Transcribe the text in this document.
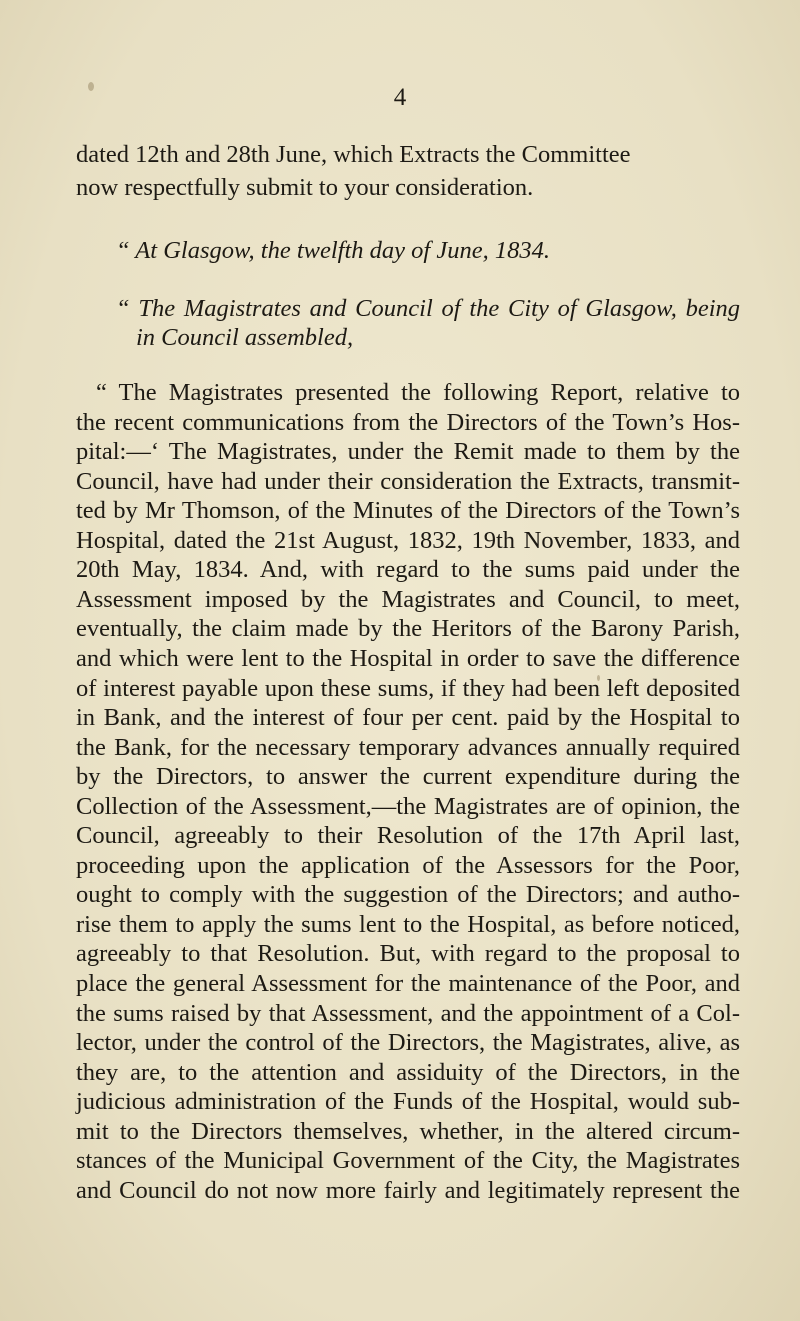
4
dated 12th and 28th June, which Extracts the Committee
now respectfully submit to your consideration.
“ At Glasgow, the twelfth day of June, 1834.
“ The Magistrates and Council of the City of Glasgow, being
in Council assembled,
“ The Magistrates presented the following Report, relative to
the recent communications from the Directors of the Town’s Hos-
pital:—‘ The Magistrates, under the Remit made to them by the
Council, have had under their consideration the Extracts, transmit-
ted by Mr Thomson, of the Minutes of the Directors of the Town’s
Hospital, dated the 21st August, 1832, 19th November, 1833, and
20th May, 1834. And, with regard to the sums paid under the
Assessment imposed by the Magistrates and Council, to meet,
eventually, the claim made by the Heritors of the Barony Parish,
and which were lent to the Hospital in order to save the difference
of interest payable upon these sums, if they had been left deposited
in Bank, and the interest of four per cent. paid by the Hospital to
the Bank, for the necessary temporary advances annually required
by the Directors, to answer the current expenditure during the
Collection of the Assessment,—the Magistrates are of opinion, the
Council, agreeably to their Resolution of the 17th April last,
proceeding upon the application of the Assessors for the Poor,
ought to comply with the suggestion of the Directors; and autho-
rise them to apply the sums lent to the Hospital, as before noticed,
agreeably to that Resolution. But, with regard to the proposal to
place the general Assessment for the maintenance of the Poor, and
the sums raised by that Assessment, and the appointment of a Col-
lector, under the control of the Directors, the Magistrates, alive, as
they are, to the attention and assiduity of the Directors, in the
judicious administration of the Funds of the Hospital, would sub-
mit to the Directors themselves, whether, in the altered circum-
stances of the Municipal Government of the City, the Magistrates
and Council do not now more fairly and legitimately represent the
